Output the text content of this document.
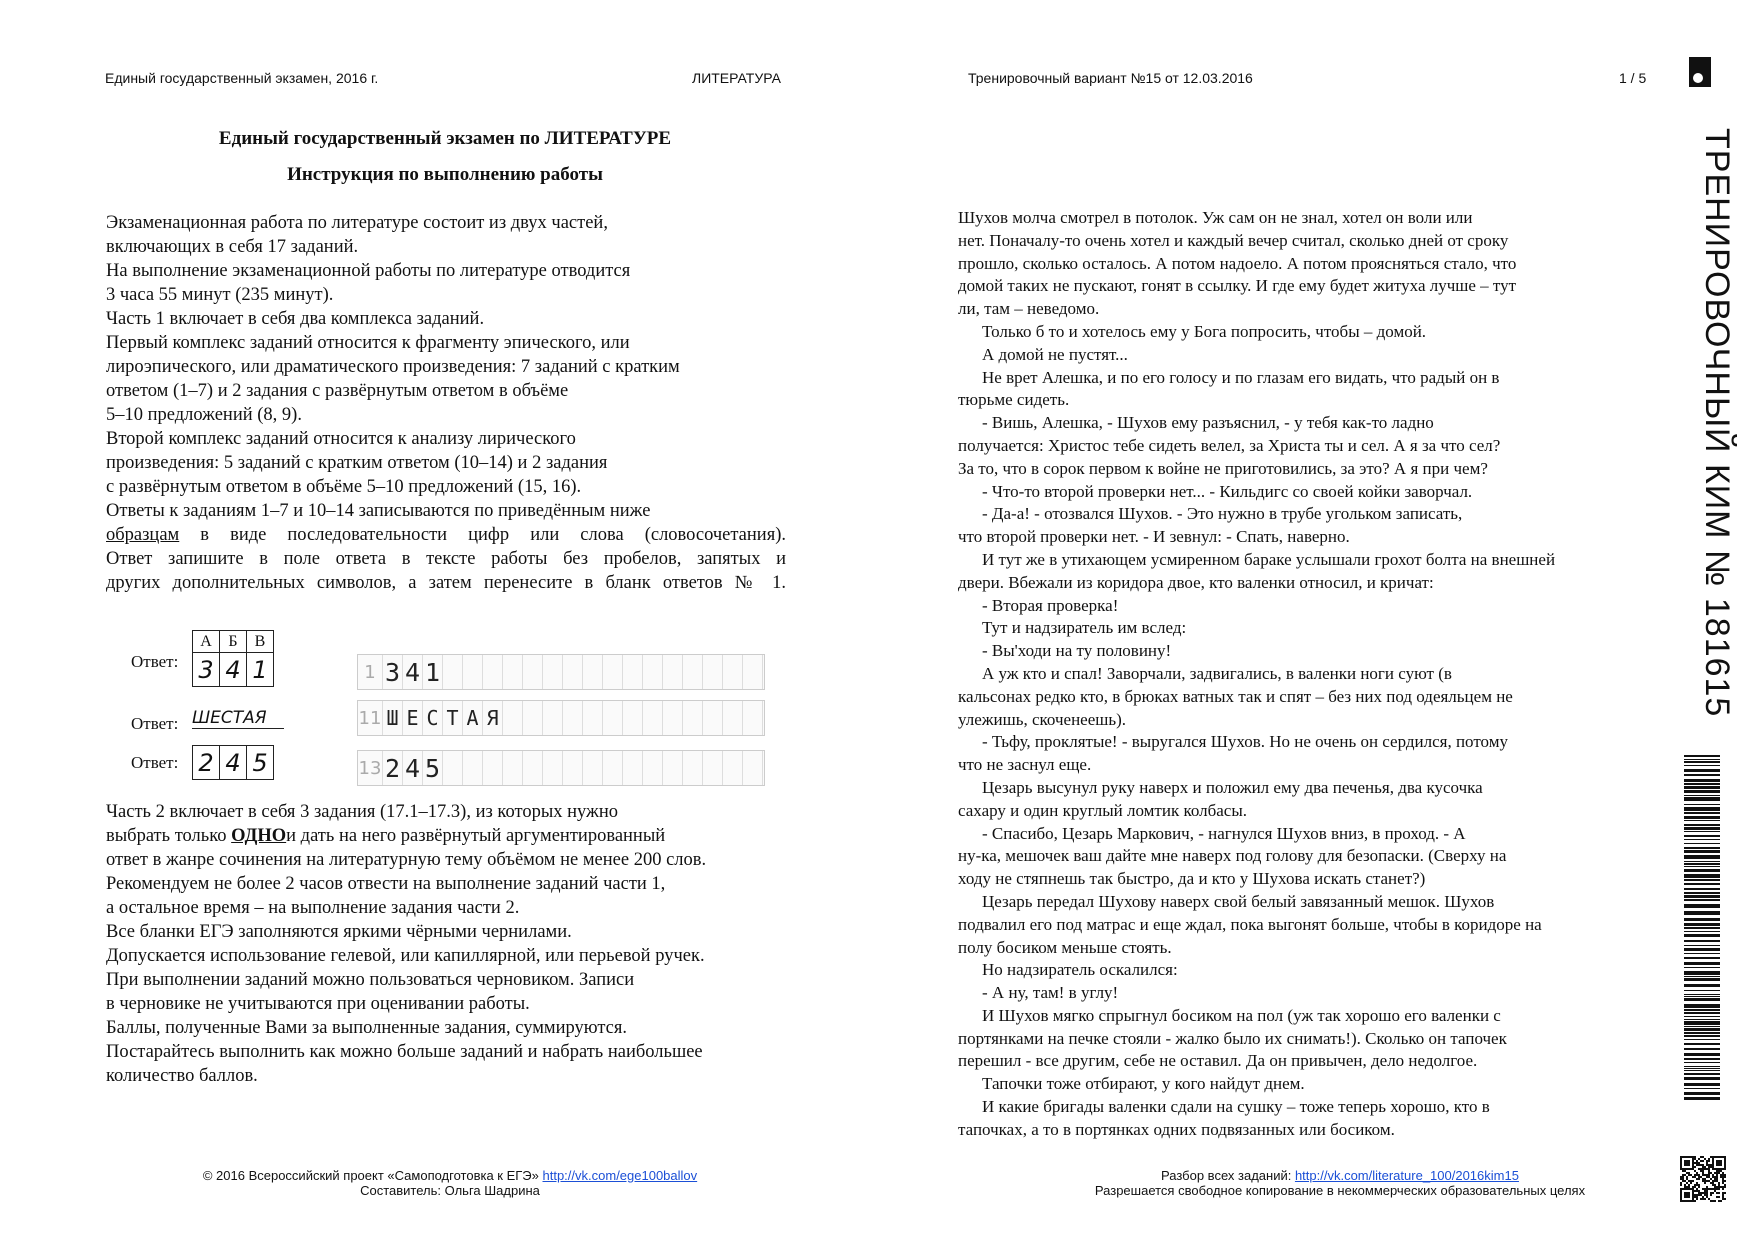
Единый государственный экзамен, 2016 г.	ЛИТЕРАТУРА	Тренировочный вариант №15 от 12.03.2016	1 / 5
Единый государственный экзамен по ЛИТЕРАТУРЕ
Инструкция по выполнению работы
Экзаменационная работа по литературе состоит из двух частей,
включающих в себя 17 заданий.
На выполнение экзаменационной работы по литературе отводится
3 часа 55 минут (235 минут).
Часть 1 включает в себя два комплекса заданий.
Первый комплекс заданий относится к фрагменту эпического, или
лироэпического, или драматического произведения: 7 заданий с кратким
ответом (1–7) и 2 задания с развёрнутым ответом в объёме
5–10 предложений (8, 9).
Второй комплекс заданий относится к анализу лирического
произведения: 5 заданий с кратким ответом (10–14) и 2 задания
с развёрнутым ответом в объёме 5–10 предложений (15, 16).
Ответы к заданиям 1–7 и 10–14 записываются по приведённым ниже
образцам в виде последовательности цифр или слова (словосочетания).
Ответ запишите в поле ответа в тексте работы без пробелов, запятых и
других дополнительных символов, а затем перенесите в бланк ответов № 1.
Ответ:
А	Б	В
3	4	1	1 3 4 1
Ответ: ШЕСТАЯ	11 Ш Е С Т А Я
Ответ: 2	4	5	13 2 4 5
Часть 2 включает в себя 3 задания (17.1–17.3), из которых нужно
выбрать только ОДНОи дать на него развёрнутый аргументированный
ответ в жанре сочинения на литературную тему объёмом не менее 200 слов.
Рекомендуем не более 2 часов отвести на выполнение заданий части 1,
а остальное время – на выполнение задания части 2.
Все бланки ЕГЭ заполняются яркими чёрными чернилами.
Допускается использование гелевой, или капиллярной, или перьевой ручек.
При выполнении заданий можно пользоваться черновиком. Записи
в черновике не учитываются при оценивании работы.
Баллы, полученные Вами за выполненные задания, суммируются.
Постарайтесь выполнить как можно больше заданий и набрать наибольшее
количество баллов.
Шухов молча смотрел в потолок. Уж сам он не знал, хотел он воли или
нет. Поначалу-то очень хотел и каждый вечер считал, сколько дней от сроку
прошло, сколько осталось. А потом надоело. А потом проясняться стало, что
домой таких не пускают, гонят в ссылку. И где ему будет житуха лучше – тут
ли, там – неведомо.
Только б то и хотелось ему у Бога попросить, чтобы – домой.
А домой не пустят...
Не врет Алешка, и по его голосу и по глазам его видать, что радый он в
тюрьме сидеть.
- Вишь, Алешка, - Шухов ему разъяснил, - у тебя как-то ладно
получается: Христос тебе сидеть велел, за Христа ты и сел. А я за что сел?
За то, что в сорок первом к войне не приготовились, за это? А я при чем?
- Что-то второй проверки нет... - Кильдигс со своей койки заворчал.
- Да-а! - отозвался Шухов. - Это нужно в трубе угольком записать,
что второй проверки нет. - И зевнул: - Спать, наверно.
И тут же в утихающем усмиренном бараке услышали грохот болта на внешней
двери. Вбежали из коридора двое, кто валенки относил, и кричат:
- Вторая проверка!
Тут и надзиратель им вслед:
- Вы'ходи на ту половину!
А уж кто и спал! Заворчали, задвигались, в валенки ноги суют (в
кальсонах редко кто, в брюках ватных так и спят – без них под одеяльцем не
улежишь, скоченеешь).
- Тьфу, проклятые! - выругался Шухов. Но не очень он сердился, потому
что не заснул еще.
Цезарь высунул руку наверх и положил ему два печенья, два кусочка
сахару и один круглый ломтик колбасы.
- Спасибо, Цезарь Маркович, - нагнулся Шухов вниз, в проход. - А
ну-ка, мешочек ваш дайте мне наверх под голову для безопаски. (Сверху на
ходу не стяпнешь так быстро, да и кто у Шухова искать станет?)
Цезарь передал Шухову наверх свой белый завязанный мешок. Шухов
подвалил его под матрас и еще ждал, пока выгонят больше, чтобы в коридоре на
полу босиком меньше стоять.
Но надзиратель оскалился:
- А ну, там! в углу!
И Шухов мягко спрыгнул босиком на пол (уж так хорошо его валенки с
портянками на печке стояли - жалко было их снимать!). Сколько он тапочек
перешил - все другим, себе не оставил. Да он привычен, дело недолгое.
Тапочки тоже отбирают, у кого найдут днем.
И какие бригады валенки сдали на сушку – тоже теперь хорошо, кто в
тапочках, а то в портянках одних подвязанных или босиком.
ТРЕНИРОВОЧНЫЙ КИМ № 181615
© 2016 Всероссийский проект «Самоподготовка к ЕГЭ» http://vk.com/ege100ballov
Составитель: Ольга Шадрина
Разбор всех заданий: http://vk.com/literature_100/2016kim15
Разрешается свободное копирование в некоммерческих образовательных целях
